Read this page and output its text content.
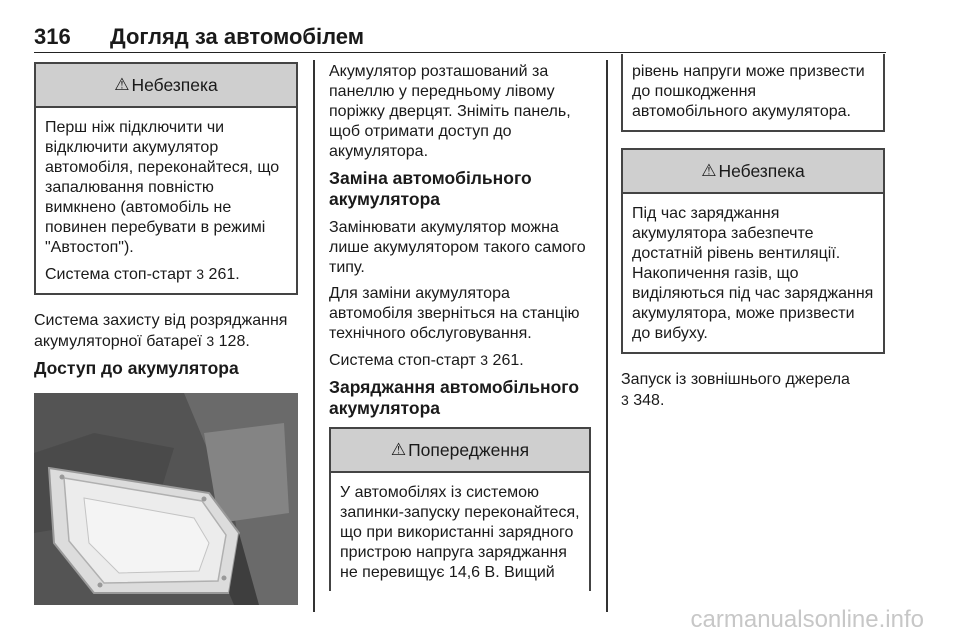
316 Догляд за автомобілем
⚠ Небезпека

Перш ніж підключити чи відключити акумулятор автомобіля, переконайтеся, що запалювання повністю вимкнено (автомобіль не повинен перебувати в режимі "Автостоп").

Система стоп-старт 3 261.

Система захисту від розряджання акумуляторної батареї 3 128.

Доступ до акумулятора

Акумулятор розташований за панеллю у передньому лівому поріжку дверцят. Зніміть панель, щоб отримати доступ до акумулятора.

Заміна автомобільного акумулятора

Замінювати акумулятор можна лише акумулятором такого самого типу.

Для заміни акумулятора автомобіля зверніться на станцію технічного обслуговування.

Система стоп-старт 3 261.

Заряджання автомобільного акумулятора
⚠ Попередження

У автомобілях із системою запинки-запуску переконайтеся, що при використанні зарядного пристрою напруга заряджання не перевищує 14,6 В. Вищий

рівень напруги може призвести до пошкодження автомобільного акумулятора.

⚠ Небезпека

Під час заряджання акумулятора забезпечте достатній рівень вентиляції. Накопичення газів, що виділяються під час заряджання акумулятора, може призвести до вибуху.

Запуск із зовнішнього джерела
3 348.

carmanualsonline.info
